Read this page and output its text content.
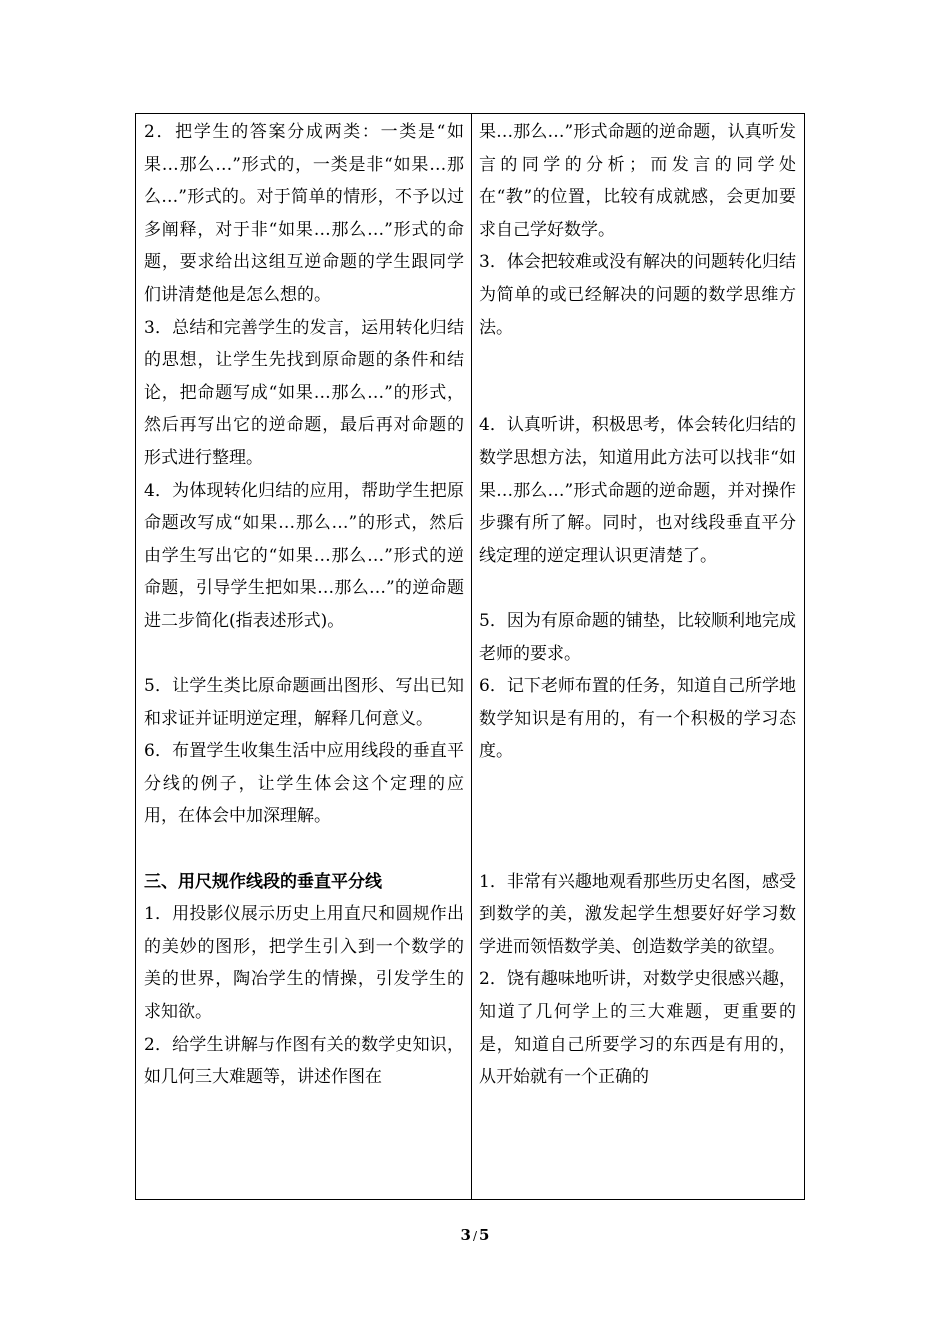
2．把学生的答案分成两类：一类是“如果…那么…”形式的，一类是非“如果…那么…”形式的。对于简单的情形，不予以过多阐释，对于非“如果…那么…”形式的命题，要求给出这组互逆命题的学生跟同学们讲清楚他是怎么想的。

3．总结和完善学生的发言，运用转化归结的思想，让学生先找到原命题的条件和结论，把命题写成“如果…那么…”的形式，然后再写出它的逆命题，最后再对命题的形式进行整理。

4．为体现转化归结的应用，帮助学生把原命题改写成“如果…那么…”的形式，然后由学生写出它的“如果…那么…”形式的逆命题，引导学生把如果…那么…”的逆命题进二步简化(指表述形式)。

5．让学生类比原命题画出图形、写出已知和求证并证明逆定理，解释几何意义。

6．布置学生收集生活中应用线段的垂直平分线的例子，让学生体会这个定理的应用，在体会中加深理解。

三、用尺规作线段的垂直平分线

1．用投影仪展示历史上用直尺和圆规作出的美妙的图形，把学生引入到一个数学的美的世界，陶冶学生的情操，引发学生的求知欲。

2．给学生讲解与作图有关的数学史知识，如几何三大难题等，讲述作图在

果…那么…”形式命题的逆命题，认真听发言的同学的分析；而发言的同学处在“教”的位置，比较有成就感，会更加要求自己学好数学。

3．体会把较难或没有解决的问题转化归结为简单的或已经解决的问题的数学思维方法。

4．认真听讲，积极思考，体会转化归结的数学思想方法，知道用此方法可以找非“如果…那么…”形式命题的逆命题，并对操作步骤有所了解。同时，也对线段垂直平分线定理的逆定理认识更清楚了。

5．因为有原命题的铺垫，比较顺利地完成老师的要求。

6．记下老师布置的任务，知道自己所学地数学知识是有用的，有一个积极的学习态度。

1．非常有兴趣地观看那些历史名图，感受到数学的美，激发起学生想要好好学习数学进而领悟数学美、创造数学美的欲望。

2．饶有趣味地听讲，对数学史很感兴趣，知道了几何学上的三大难题，更重要的是，知道自己所要学习的东西是有用的，从开始就有一个正确的

3 / 5
